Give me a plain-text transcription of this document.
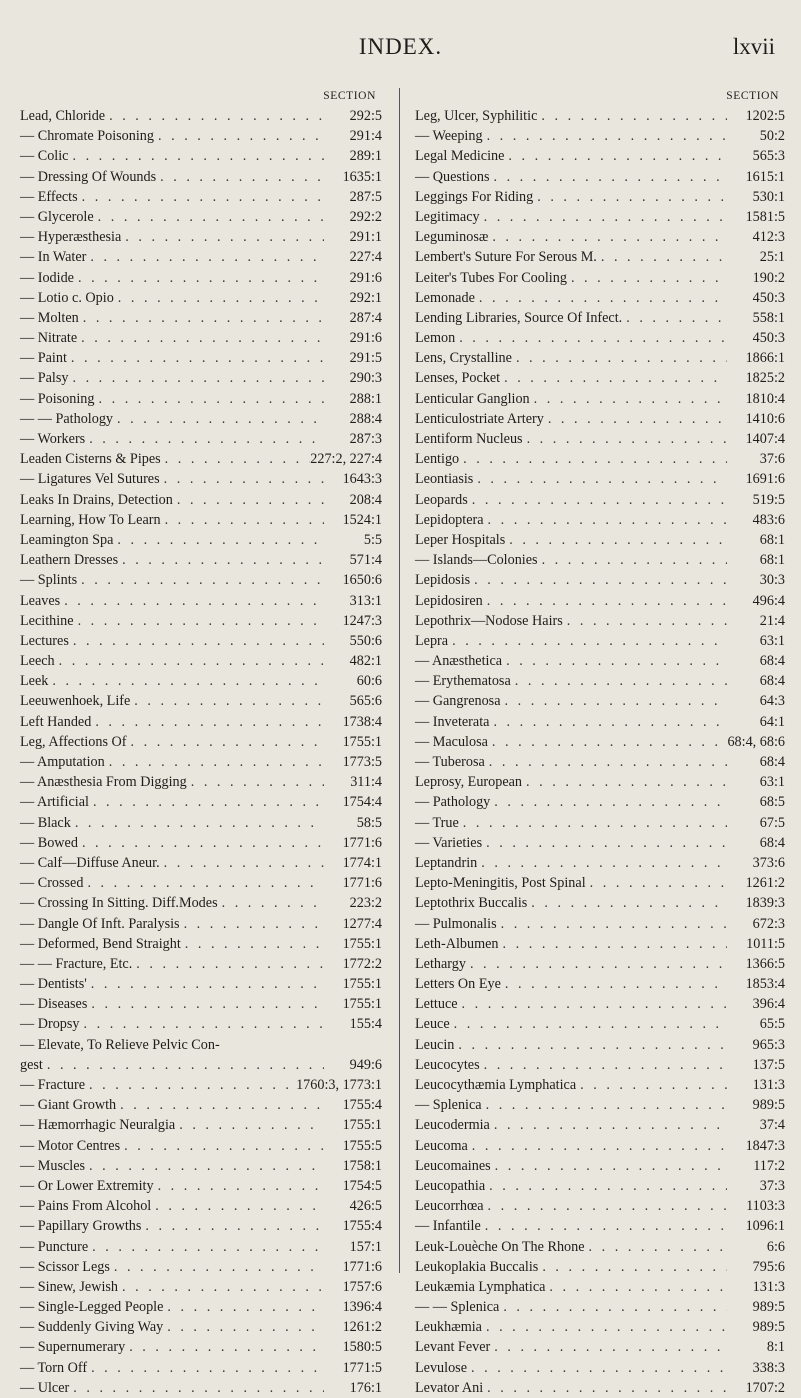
INDEX.	lxvii
SECTION
Lead, Chloride . . .	292:5
— Chromate Poisoning . . .	291:4
— Colic . . .	289:1
— Dressing Of Wounds . . .	1635:1
— Effects . . .	287:5
— Glycerole . . .	292:2
— Hyperæsthesia . . .	291:1
— In Water . . .	227:4
— Iodide . . .	291:6
— Lotio c. Opio . . .	292:1
— Molten . . .	287:4
— Nitrate . . .	291:6
— Paint . . .	291:5
— Palsy . . .	290:3
— Poisoning . . .	288:1
— — Pathology . . .	288:4
— Workers . . .	287:3
Leaden Cisterns & Pipes . . .	227:2, 227:4
— Ligatures Vel Sutures . . .	1643:3
Leaks In Drains, Detection . . .	208:4
Learning, How To Learn . . .	1524:1
Leamington Spa . . .	5:5
Leathern Dresses . . .	571:4
— Splints . . .	1650:6
Leaves . . .	313:1
Lecithine . . .	1247:3
Lectures . . .	550:6
Leech . . .	482:1
Leek . . .	60:6
Leeuwenhoek, Life . . .	565:6
Left Handed . . .	1738:4
Leg, Affections Of . . .	1755:1
— Amputation . . .	1773:5
— Anæsthesia From Digging . . .	311:4
— Artificial . . .	1754:4
— Black . . .	58:5
— Bowed . . .	1771:6
— Calf—Diffuse Aneur. . . .	1774:1
— Crossed . . .	1771:6
— Crossing In Sitting. Diff.Modes . . .	223:2
— Dangle Of Inft. Paralysis . . .	1277:4
— Deformed, Bend Straight . . .	1755:1
— — Fracture, Etc. . . .	1772:2
— Dentists' . . .	1755:1
— Diseases . . .	1755:1
— Dropsy . . .	155:4
— Elevate, To Relieve Pelvic Con-
gest . . .	949:6
— Fracture . . .	1760:3, 1773:1
— Giant Growth . . .	1755:4
— Hæmorrhagic Neuralgia . . .	1755:1
— Motor Centres . . .	1755:5
— Muscles . . .	1758:1
— Or Lower Extremity . . .	1754:5
— Pains From Alcohol . . .	426:5
— Papillary Growths . . .	1755:4
— Puncture . . .	157:1
— Scissor Legs . . .	1771:6
— Sinew, Jewish . . .	1757:6
— Single-Legged People . . .	1396:4
— Suddenly Giving Way . . .	1261:2
— Supernumerary . . .	1580:5
— Torn Off . . .	1771:5
— Ulcer . . .	176:1
SECTION
Leg, Ulcer, Syphilitic . . .	1202:5
— Weeping . . .	50:2
Legal Medicine . . .	565:3
— Questions . . .	1615:1
Leggings For Riding . . .	530:1
Legitimacy . . .	1581:5
Leguminosæ . . .	412:3
Lembert's Suture For Serous M. . . .	25:1
Leiter's Tubes For Cooling . . .	190:2
Lemonade . . .	450:3
Lending Libraries, Source Of Infect. . . .	558:1
Lemon . . .	450:3
Lens, Crystalline . . .	1866:1
Lenses, Pocket . . .	1825:2
Lenticular Ganglion . . .	1810:4
Lenticulostriate Artery . . .	1410:6
Lentiform Nucleus . . .	1407:4
Lentigo . . .	37:6
Leontiasis . . .	1691:6
Leopards . . .	519:5
Lepidoptera . . .	483:6
Leper Hospitals . . .	68:1
— Islands—Colonies . . .	68:1
Lepidosis . . .	30:3
Lepidosiren . . .	496:4
Lepothrix—Nodose Hairs . . .	21:4
Lepra . . .	63:1
— Anæsthetica . . .	68:4
— Erythematosa . . .	68:4
— Gangrenosa . . .	64:3
— Inveterata . . .	64:1
— Maculosa . . .	68:4, 68:6
— Tuberosa . . .	68:4
Leprosy, European . . .	63:1
— Pathology . . .	68:5
— True . . .	67:5
— Varieties . . .	68:4
Leptandrin . . .	373:6
Lepto-Meningitis, Post Spinal . . .	1261:2
Leptothrix Buccalis . . .	1839:3
— Pulmonalis . . .	672:3
Leth-Albumen . . .	1011:5
Lethargy . . .	1366:5
Letters On Eye . . .	1853:4
Lettuce . . .	396:4
Leuce . . .	65:5
Leucin . . .	965:3
Leucocytes . . .	137:5
Leucocythæmia Lymphatica . . .	131:3
— Splenica . . .	989:5
Leucodermia . . .	37:4
Leucoma . . .	1847:3
Leucomaines . . .	117:2
Leucopathia . . .	37:3
Leucorrhœa . . .	1103:3
— Infantile . . .	1096:1
Leuk-Louèche On The Rhone . . .	6:6
Leukoplakia Buccalis . . .	795:6
Leukæmia Lymphatica . . .	131:3
— — Splenica . . .	989:5
Leukhæmia . . .	989:5
Levant Fever . . .	8:1
Levulose . . .	338:3
Levator Ani . . .	1707:2
